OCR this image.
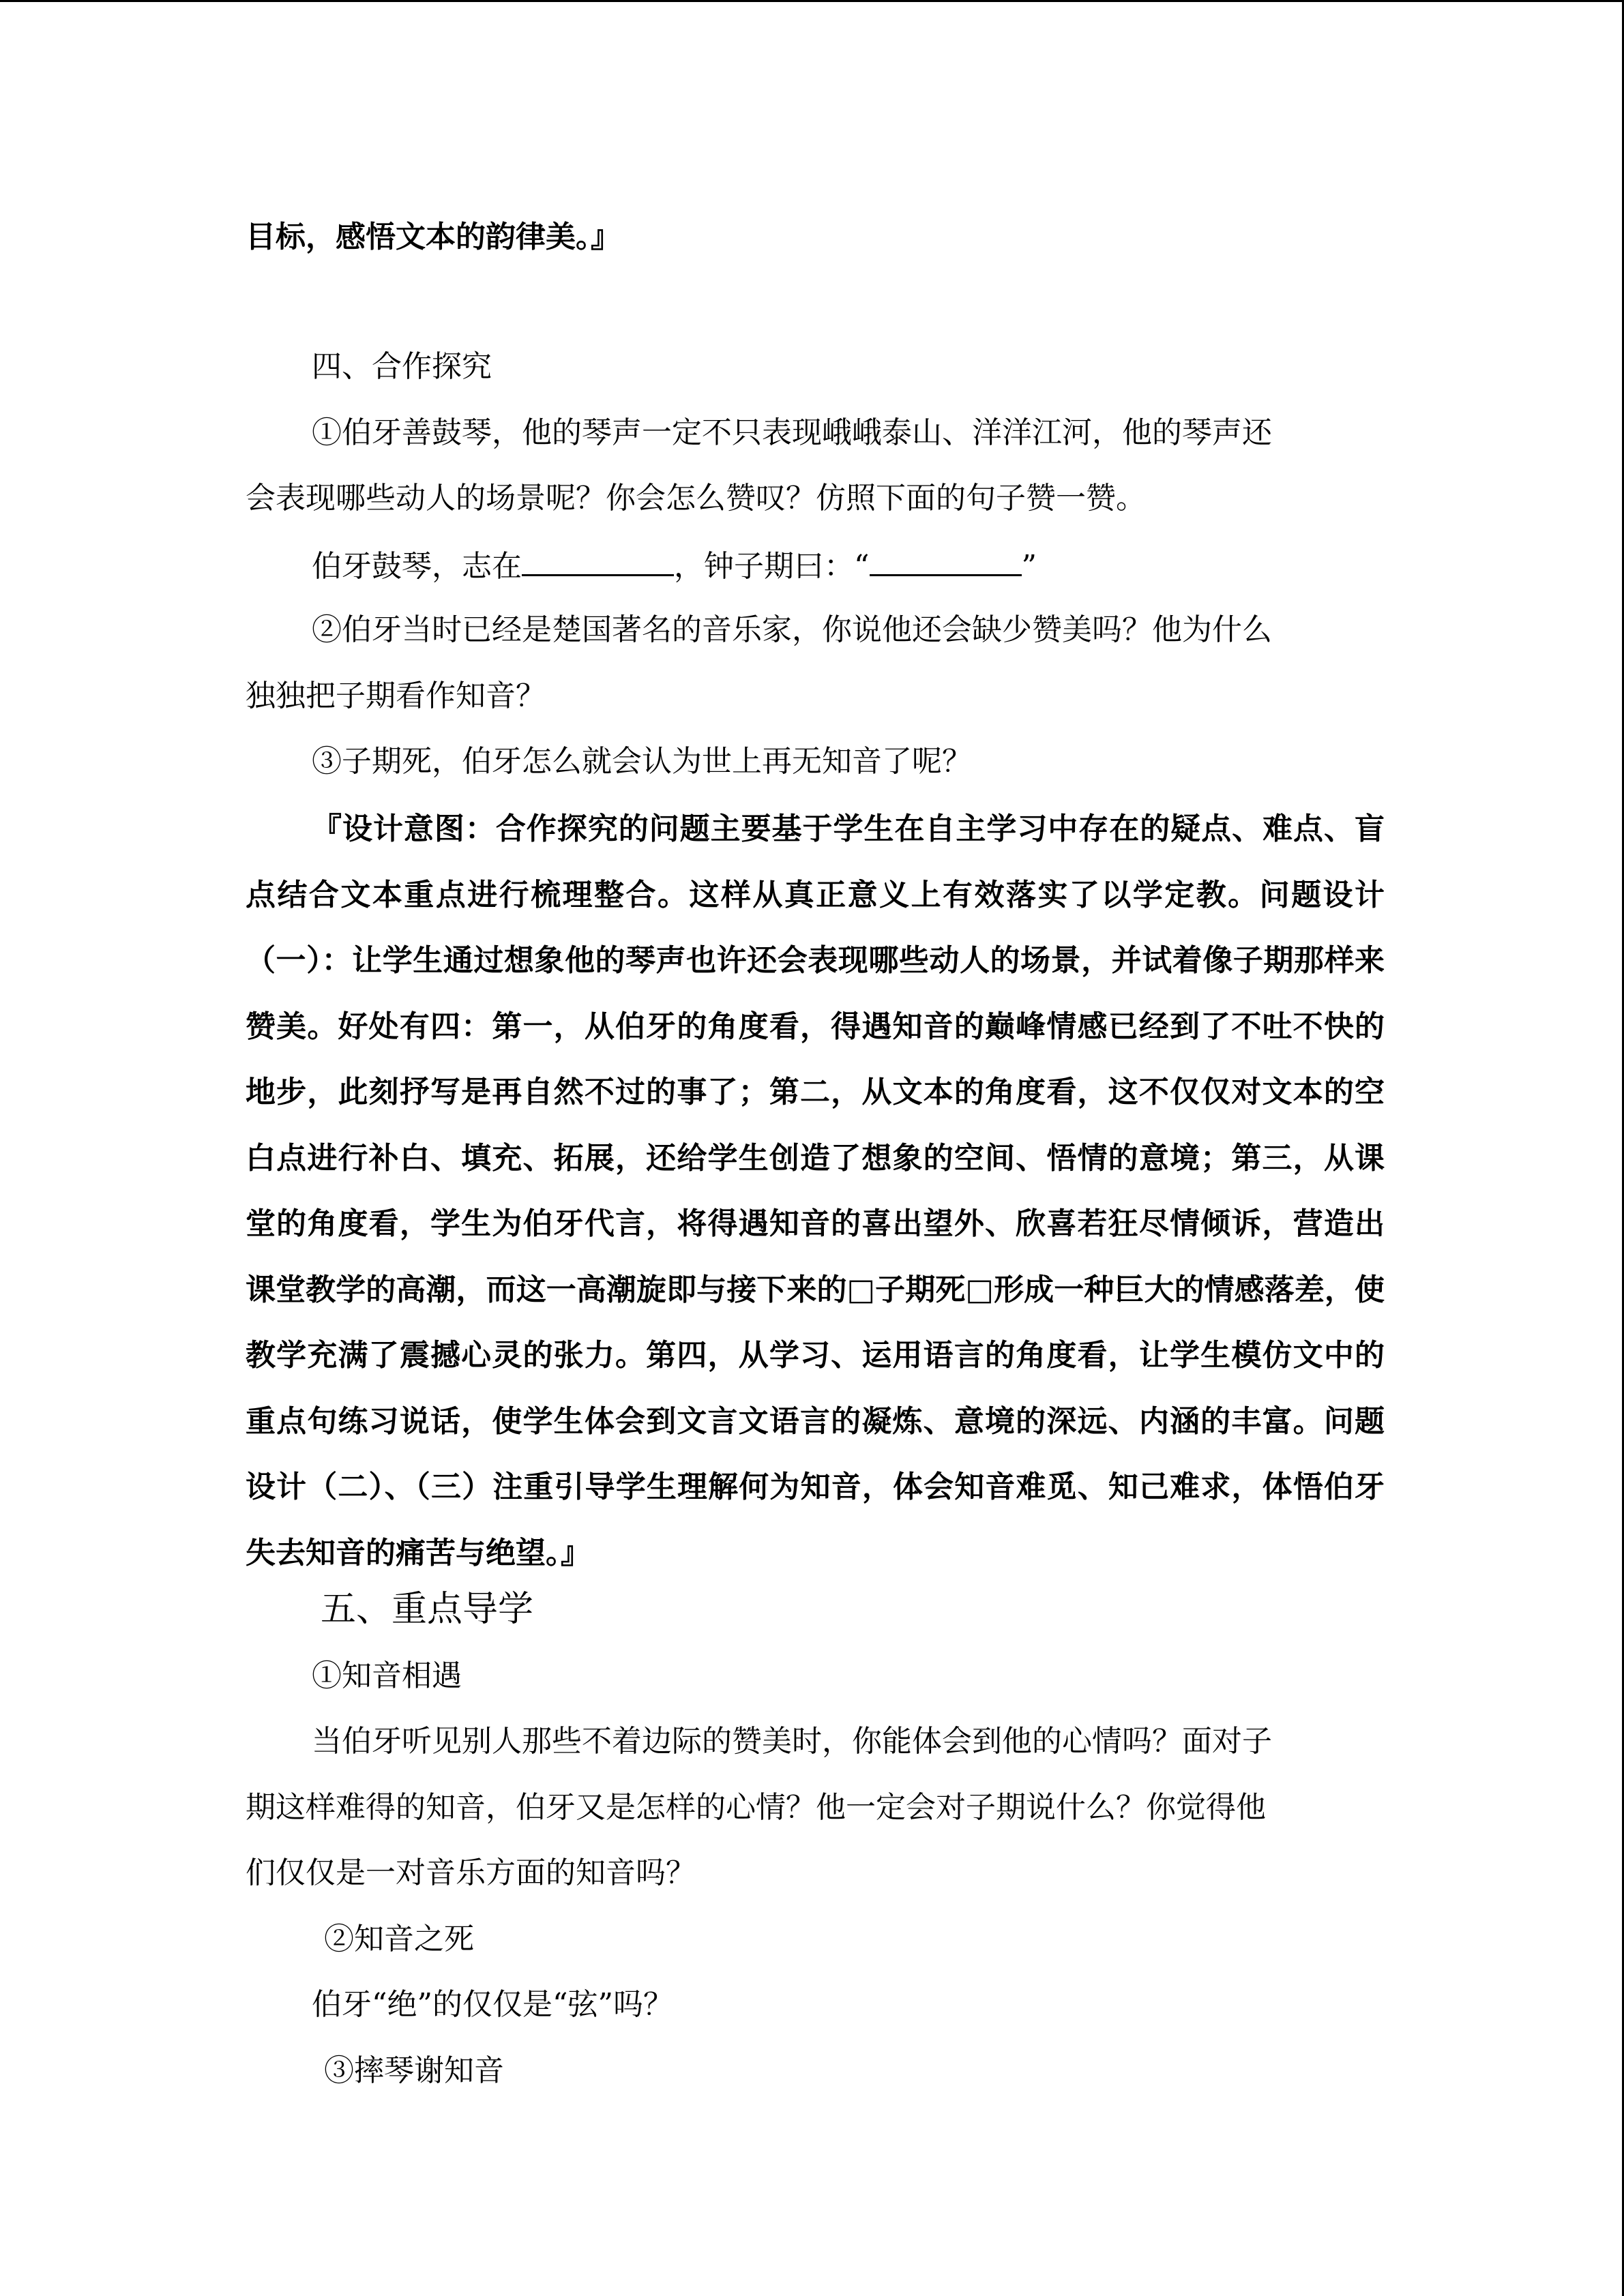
目标，感悟文本的韵律美。』
四、合作探究
①伯牙善鼓琴，他的琴声一定不只表现峨峨泰山、洋洋江河，他的琴声还
会表现哪些动人的场景呢？你会怎么赞叹？仿照下面的句子赞一赞。
伯牙鼓琴，志在	，钟子期曰：“	”
②伯牙当时已经是楚国著名的音乐家，你说他还会缺少赞美吗？他为什么
独独把子期看作知音？
③子期死，伯牙怎么就会认为世上再无知音了呢？
『设计意图：合作探究的问题主要基于学生在自主学习中存在的疑点、难点、盲点结合文本重点进行梳理整合。这样从真正意义上有效落实了以学定教。问题设计（一）：让学生通过想象他的琴声也许还会表现哪些动人的场景，并试着像子期那样来赞美。好处有四：第一，从伯牙的角度看，得遇知音的巅峰情感已经到了不吐不快的地步，此刻抒写是再自然不过的事了；第二，从文本的角度看，这不仅仅对文本的空白点进行补白、填充、拓展，还给学生创造了想象的空间、悟情的意境；第三，从课堂的角度看，学生为伯牙代言，将得遇知音的喜出望外、欣喜若狂尽情倾诉，营造出课堂教学的高潮，而这一高潮旋即与接下来的□子期死□形成一种巨大的情感落差，使教学充满了震撼心灵的张力。第四，从学习、运用语言的角度看，让学生模仿文中的重点句练习说话，使学生体会到文言文语言的凝炼、意境的深远、内涵的丰富。问题设计（二）、（三）注重引导学生理解何为知音，体会知音难觅、知己难求，体悟伯牙失去知音的痛苦与绝望。』
五、重点导学
①知音相遇
当伯牙听见别人那些不着边际的赞美时，你能体会到他的心情吗？面对子
期这样难得的知音，伯牙又是怎样的心情？他一定会对子期说什么？你觉得他
们仅仅是一对音乐方面的知音吗？
②知音之死
伯牙“绝”的仅仅是“弦”吗？
③摔琴谢知音
